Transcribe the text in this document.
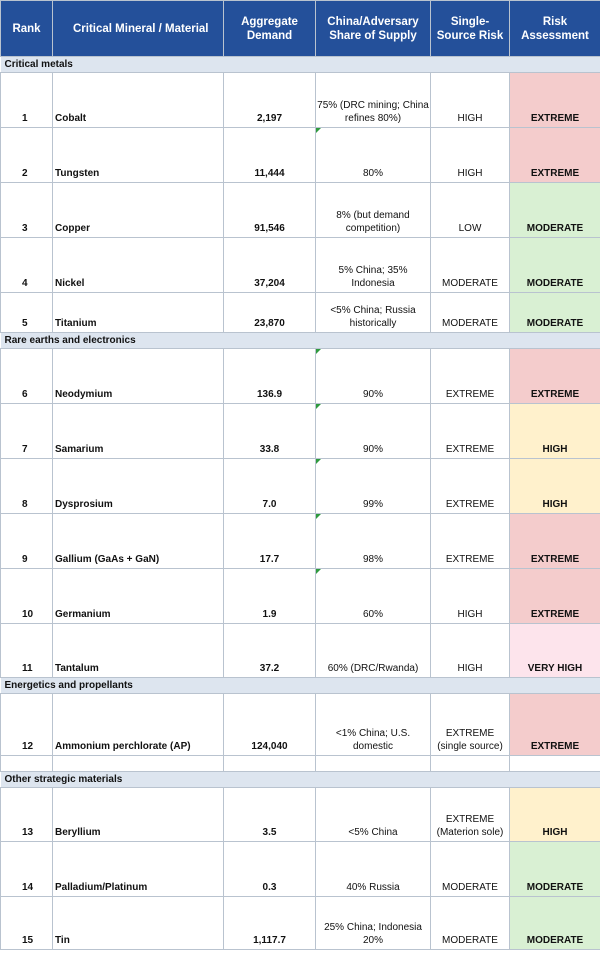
Rank	Critical Mineral / Material	Aggregate Demand	China/Adversary Share of Supply	Single-Source Risk	Risk Assessment
Critical metals					
1	Cobalt	2,197	75% (DRC mining; China refines 80%)	HIGH	EXTREME
2	Tungsten	11,444	80%	HIGH	EXTREME
3	Copper	91,546	8% (but demand competition)	LOW	MODERATE
4	Nickel	37,204	5% China; 35% Indonesia	MODERATE	MODERATE
5	Titanium	23,870	<5% China; Russia historically	MODERATE	MODERATE
Rare earths and electronics					
6	Neodymium	136.9	90%	EXTREME	EXTREME
7	Samarium	33.8	90%	EXTREME	HIGH
8	Dysprosium	7.0	99%	EXTREME	HIGH
9	Gallium (GaAs + GaN)	17.7	98%	EXTREME	EXTREME
10	Germanium	1.9	60%	HIGH	EXTREME
11	Tantalum	37.2	60% (DRC/Rwanda)	HIGH	VERY HIGH
Energetics and propellants					
12	Ammonium perchlorate (AP)	124,040	<1% China; U.S. domestic	EXTREME (single source)	EXTREME

Other strategic materials					
13	Beryllium	3.5	<5% China	EXTREME (Materion sole)	HIGH
14	Palladium/Platinum	0.3	40% Russia	MODERATE	MODERATE
15	Tin	1,117.7	25% China; Indonesia 20%	MODERATE	MODERATE
